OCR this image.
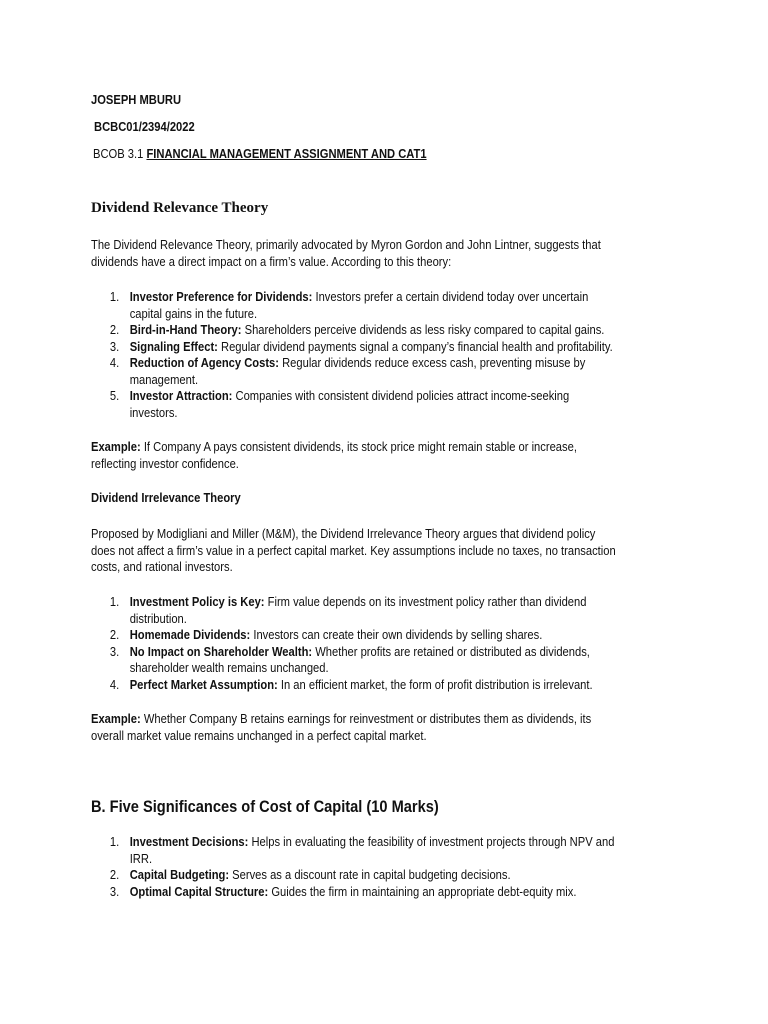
JOSEPH MBURU
BCBC01/2394/2022
BCOB 3.1 FINANCIAL MANAGEMENT ASSIGNMENT AND CAT1
Dividend Relevance Theory
The Dividend Relevance Theory, primarily advocated by Myron Gordon and John Lintner, suggests that
dividends have a direct impact on a firm’s value. According to this theory:
1. Investor Preference for Dividends: Investors prefer a certain dividend today over uncertain
capital gains in the future.
2. Bird-in-Hand Theory: Shareholders perceive dividends as less risky compared to capital gains.
3. Signaling Effect: Regular dividend payments signal a company’s financial health and profitability.
4. Reduction of Agency Costs: Regular dividends reduce excess cash, preventing misuse by
management.
5. Investor Attraction: Companies with consistent dividend policies attract income-seeking
investors.
Example: If Company A pays consistent dividends, its stock price might remain stable or increase,
reflecting investor confidence.
Dividend Irrelevance Theory
Proposed by Modigliani and Miller (M&M), the Dividend Irrelevance Theory argues that dividend policy
does not affect a firm’s value in a perfect capital market. Key assumptions include no taxes, no transaction
costs, and rational investors.
1. Investment Policy is Key: Firm value depends on its investment policy rather than dividend
distribution.
2. Homemade Dividends: Investors can create their own dividends by selling shares.
3. No Impact on Shareholder Wealth: Whether profits are retained or distributed as dividends,
shareholder wealth remains unchanged.
4. Perfect Market Assumption: In an efficient market, the form of profit distribution is irrelevant.
Example: Whether Company B retains earnings for reinvestment or distributes them as dividends, its
overall market value remains unchanged in a perfect capital market.
B. Five Significances of Cost of Capital (10 Marks)
1. Investment Decisions: Helps in evaluating the feasibility of investment projects through NPV and
IRR.
2. Capital Budgeting: Serves as a discount rate in capital budgeting decisions.
3. Optimal Capital Structure: Guides the firm in maintaining an appropriate debt-equity mix.
